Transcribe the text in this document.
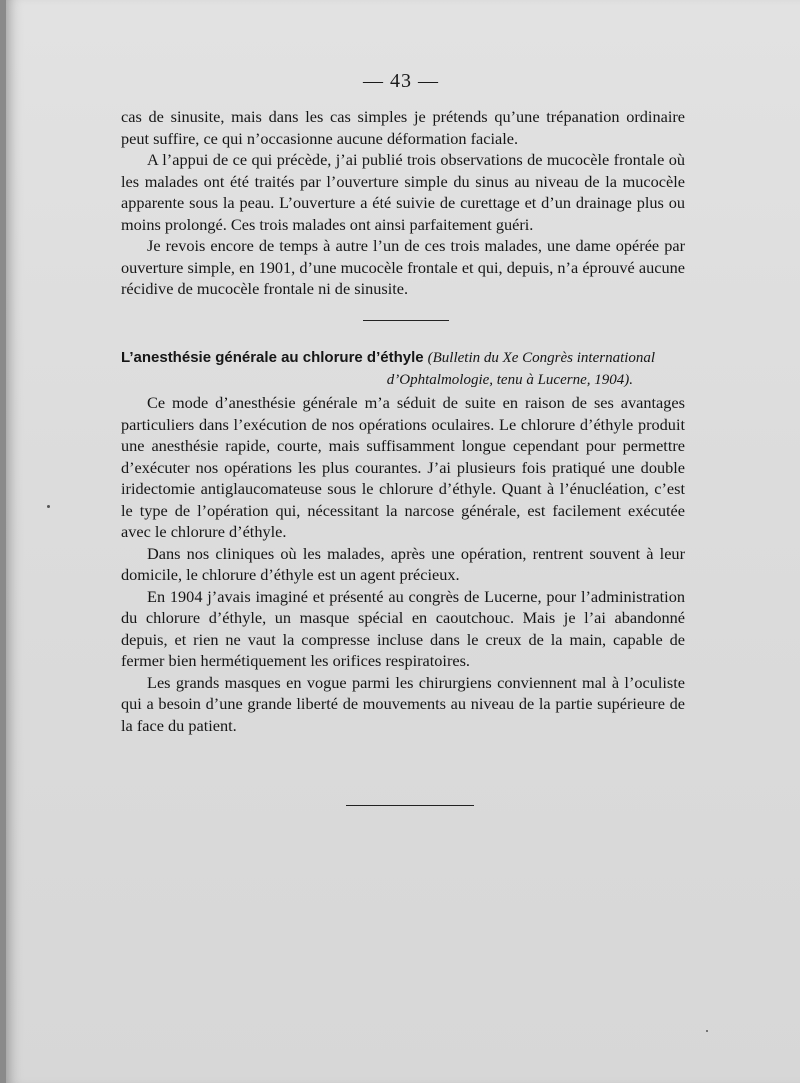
— 43 —

cas de sinusite, mais dans les cas simples je prétends qu’une trépanation ordinaire peut suffire, ce qui n’occasionne aucune déformation faciale.

A l’appui de ce qui précède, j’ai publié trois observations de mucocèle frontale où les malades ont été traités par l’ouverture simple du sinus au niveau de la mucocèle apparente sous la peau. L’ouverture a été suivie de curettage et d’un drainage plus ou moins prolongé. Ces trois malades ont ainsi parfaitement guéri.

Je revois encore de temps à autre l’un de ces trois malades, une dame opérée par ouverture simple, en 1901, d’une mucocèle frontale et qui, depuis, n’a éprouvé aucune récidive de mucocèle frontale ni de sinusite.

L’anesthésie générale au chlorure d’éthyle (Bulletin du Xe Congrès international
d’Ophtalmologie, tenu à Lucerne, 1904).

Ce mode d’anesthésie générale m’a séduit de suite en raison de ses avantages particuliers dans l’exécution de nos opérations oculaires. Le chlorure d’éthyle produit une anesthésie rapide, courte, mais suffisamment longue cependant pour permettre d’exécuter nos opérations les plus courantes. J’ai plusieurs fois pratiqué une double iridectomie antiglaucomateuse sous le chlorure d’éthyle. Quant à l’énucléation, c’est le type de l’opération qui, nécessitant la narcose générale, est facilement exécutée avec le chlorure d’éthyle.

Dans nos cliniques où les malades, après une opération, rentrent souvent à leur domicile, le chlorure d’éthyle est un agent précieux.

En 1904 j’avais imaginé et présenté au congrès de Lucerne, pour l’administration du chlorure d’éthyle, un masque spécial en caoutchouc. Mais je l’ai abandonné depuis, et rien ne vaut la compresse incluse dans le creux de la main, capable de fermer bien hermétiquement les orifices respiratoires.

Les grands masques en vogue parmi les chirurgiens conviennent mal à l’oculiste qui a besoin d’une grande liberté de mouvements au niveau de la partie supérieure de la face du patient.
